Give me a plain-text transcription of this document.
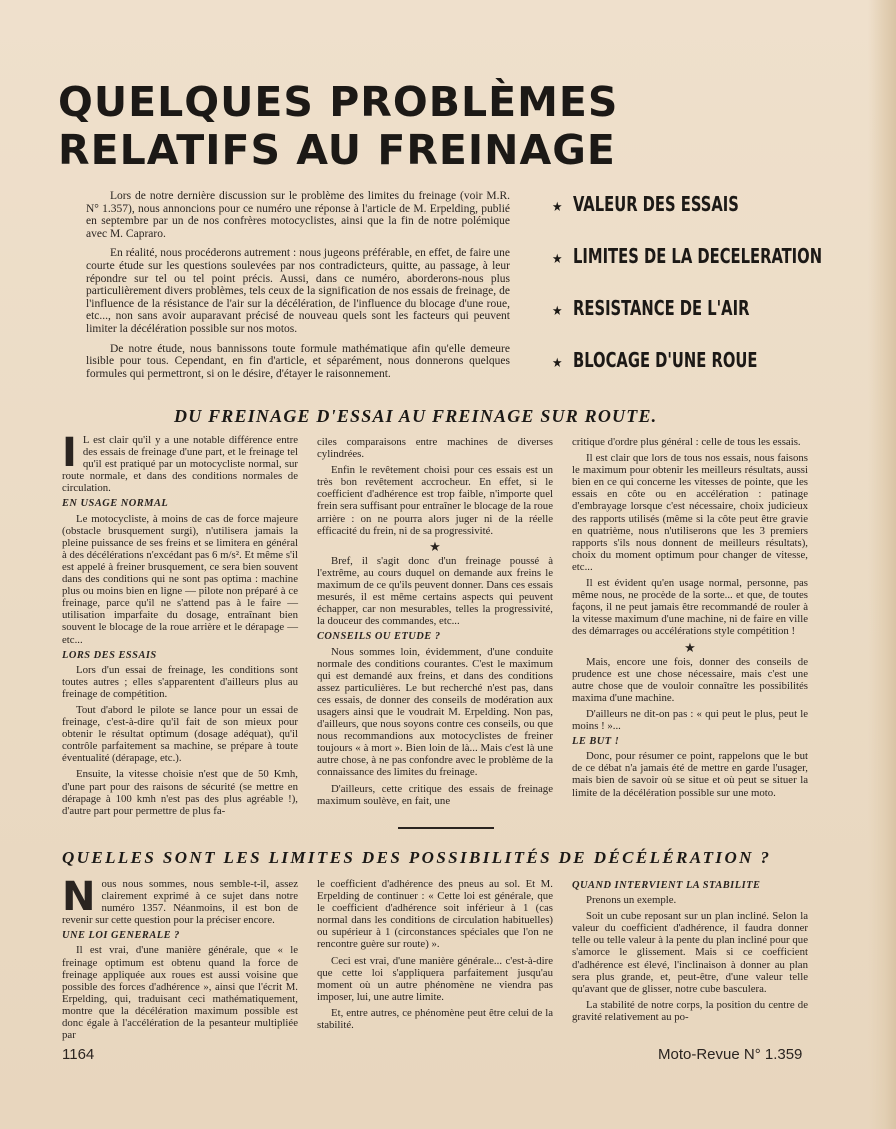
QUELQUES PROBLÈMES RELATIFS AU FREINAGE

Lors de notre dernière discussion sur le problème des limites du freinage (voir M.R. N° 1.357), nous annoncions pour ce numéro une réponse à l'article de M. Erpelding, publié en septembre par un de nos confrères motocyclistes, ainsi que la fin de notre polémique avec M. Capraro.

En réalité, nous procéderons autrement : nous jugeons préférable, en effet, de faire une courte étude sur les questions soulevées par nos contradicteurs, quitte, au passage, à leur répondre sur tel ou tel point précis. Aussi, dans ce numéro, aborderons-nous plus particulièrement divers problèmes, tels ceux de la signification de nos essais de freinage, de l'influence de la résistance de l'air sur la décélération, de l'influence du blocage d'une roue, etc..., non sans avoir auparavant précisé de nouveau quels sont les facteurs qui peuvent limiter la décélération possible sur nos motos.

De notre étude, nous bannissons toute formule mathématique afin qu'elle demeure lisible pour tous. Cependant, en fin d'article, et séparément, nous donnerons quelques formules qui permettront, si on le désire, d'étayer le raisonnement.

★ VALEUR DES ESSAIS
★ LIMITES DE LA DECELERATION
★ RESISTANCE DE L'AIR
★ BLOCAGE D'UNE ROUE
DU FREINAGE D'ESSAI AU FREINAGE SUR ROUTE.

I L est clair qu'il y a une notable différence entre des essais de freinage d'une part, et le freinage tel qu'il est pratiqué par un motocycliste normal, sur route normale, et dans des conditions normales de circulation.

EN USAGE NORMAL

Le motocycliste, à moins de cas de force majeure (obstacle brusquement surgi), n'utilisera jamais la pleine puissance de ses freins et se limitera en général à des décélérations n'excédant pas 6 m/s². Et même s'il est appelé à freiner brusquement, ce sera bien souvent dans des conditions qui ne sont pas optima : machine plus ou moins bien en ligne — pilote non préparé à ce freinage, parce qu'il ne s'attend pas à le faire — utilisation imparfaite du dosage, entraînant bien souvent le blocage de la roue arrière et le dérapage — etc...

LORS DES ESSAIS

Lors d'un essai de freinage, les conditions sont toutes autres ; elles s'apparentent d'ailleurs plus au freinage de compétition.

Tout d'abord le pilote se lance pour un essai de freinage, c'est-à-dire qu'il fait de son mieux pour obtenir le résultat optimum (dosage adéquat), qu'il contrôle parfaitement sa machine, se prépare à toute éventualité (dérapage, etc.).

Ensuite, la vitesse choisie n'est que de 50 Kmh, d'une part pour des raisons de sécurité (se mettre en dérapage à 100 kmh n'est pas des plus agréable !), d'autre part pour permettre de plus fa-

ciles comparaisons entre machines de diverses cylindrées.

Enfin le revêtement choisi pour ces essais est un très bon revêtement accrocheur. En effet, si le coefficient d'adhérence est trop faible, n'importe quel frein sera suffisant pour entraîner le blocage de la roue arrière : on ne pourra alors juger ni de la réelle efficacité du frein, ni de sa progressivité.

★

Bref, il s'agit donc d'un freinage poussé à l'extrême, au cours duquel on demande aux freins le maximum de ce qu'ils peuvent donner. Dans ces essais mesurés, il est même certains aspects qui peuvent échapper, car non mesurables, telles la progressivité, la douceur des commandes, etc...

CONSEILS OU ETUDE ?

Nous sommes loin, évidemment, d'une conduite normale des conditions courantes. C'est le maximum qui est demandé aux freins, et dans des conditions assez particulières. Le but recherché n'est pas, dans ces essais, de donner des conseils de modération aux usagers ainsi que le voudrait M. Erpelding. Non pas, d'ailleurs, que nous soyons contre ces conseils, ou que nous recommandions aux motocyclistes de freiner toujours « à mort ». Bien loin de là... Mais c'est là une autre chose, à ne pas confondre avec le problème de la connaissance des limites du freinage.

D'ailleurs, cette critique des essais de freinage maximum soulève, en fait, une

critique d'ordre plus général : celle de tous les essais.

Il est clair que lors de tous nos essais, nous faisons le maximum pour obtenir les meilleurs résultats, aussi bien en ce qui concerne les vitesses de pointe, que les essais en côte ou en accélération : patinage d'embrayage lorsque c'est nécessaire, choix judicieux des rapports utilisés (même si la côte peut être gravie en quatrième, nous n'utiliserons que les 3 premiers rapports s'ils nous donnent de meilleurs résultats), choix du moment optimum pour changer de vitesse, etc...

Il est évident qu'en usage normal, personne, pas même nous, ne procède de la sorte... et que, de toutes façons, il ne peut jamais être recommandé de rouler à la vitesse maximum d'une machine, ni de faire en ville des démarrages ou accélérations style compétition !

★

Mais, encore une fois, donner des conseils de prudence est une chose nécessaire, mais c'est une autre chose que de vouloir connaître les possibilités maxima d'une machine.

D'ailleurs ne dit-on pas : « qui peut le plus, peut le moins ! »...

LE BUT !

Donc, pour résumer ce point, rappelons que le but de ce débat n'a jamais été de mettre en garde l'usager, mais bien de savoir où se situe et où peut se situer la limite de la décélération possible sur une moto.

QUELLES SONT LES LIMITES DES POSSIBILITÉS DE DÉCÉLÉRATION ?

Nous nous sommes, nous semble-t-il, assez clairement exprimé à ce sujet dans notre numéro 1357. Néanmoins, il est bon de revenir sur cette question pour la préciser encore.

UNE LOI GENERALE ?

Il est vrai, d'une manière générale, que « le freinage optimum est obtenu quand la force de freinage appliquée aux roues est aussi voisine que possible des forces d'adhérence », ainsi que l'écrit M. Erpelding, qui, traduisant ceci mathématiquement, montre que la décélération maximum possible est donc égale à l'accélération de la pesanteur multipliée par

le coefficient d'adhérence des pneus au sol. Et M. Erpelding de continuer : « Cette loi est générale, que le coefficient d'adhérence soit inférieur à 1 (cas normal dans les conditions de circulation habituelles) ou supérieur à 1 (circonstances spéciales que l'on ne rencontre guère sur route) ».

Ceci est vrai, d'une manière générale... c'est-à-dire que cette loi s'appliquera parfaitement jusqu'au moment où un autre phénomène ne viendra pas imposer, lui, une autre limite.

Et, entre autres, ce phénomène peut être celui de la stabilité.

QUAND INTERVIENT LA STABILITE

Prenons un exemple.

Soit un cube reposant sur un plan incliné. Selon la valeur du coefficient d'adhérence, il faudra donner telle ou telle valeur à la pente du plan incliné pour que s'amorce le glissement. Mais si ce coefficient d'adhérence est élevé, l'inclinaison à donner au plan sera plus grande, et, peut-être, d'une valeur telle qu'avant que de glisser, notre cube basculera.

La stabilité de notre corps, la position du centre de gravité relativement au po-

1164	Moto-Revue N° 1.359
